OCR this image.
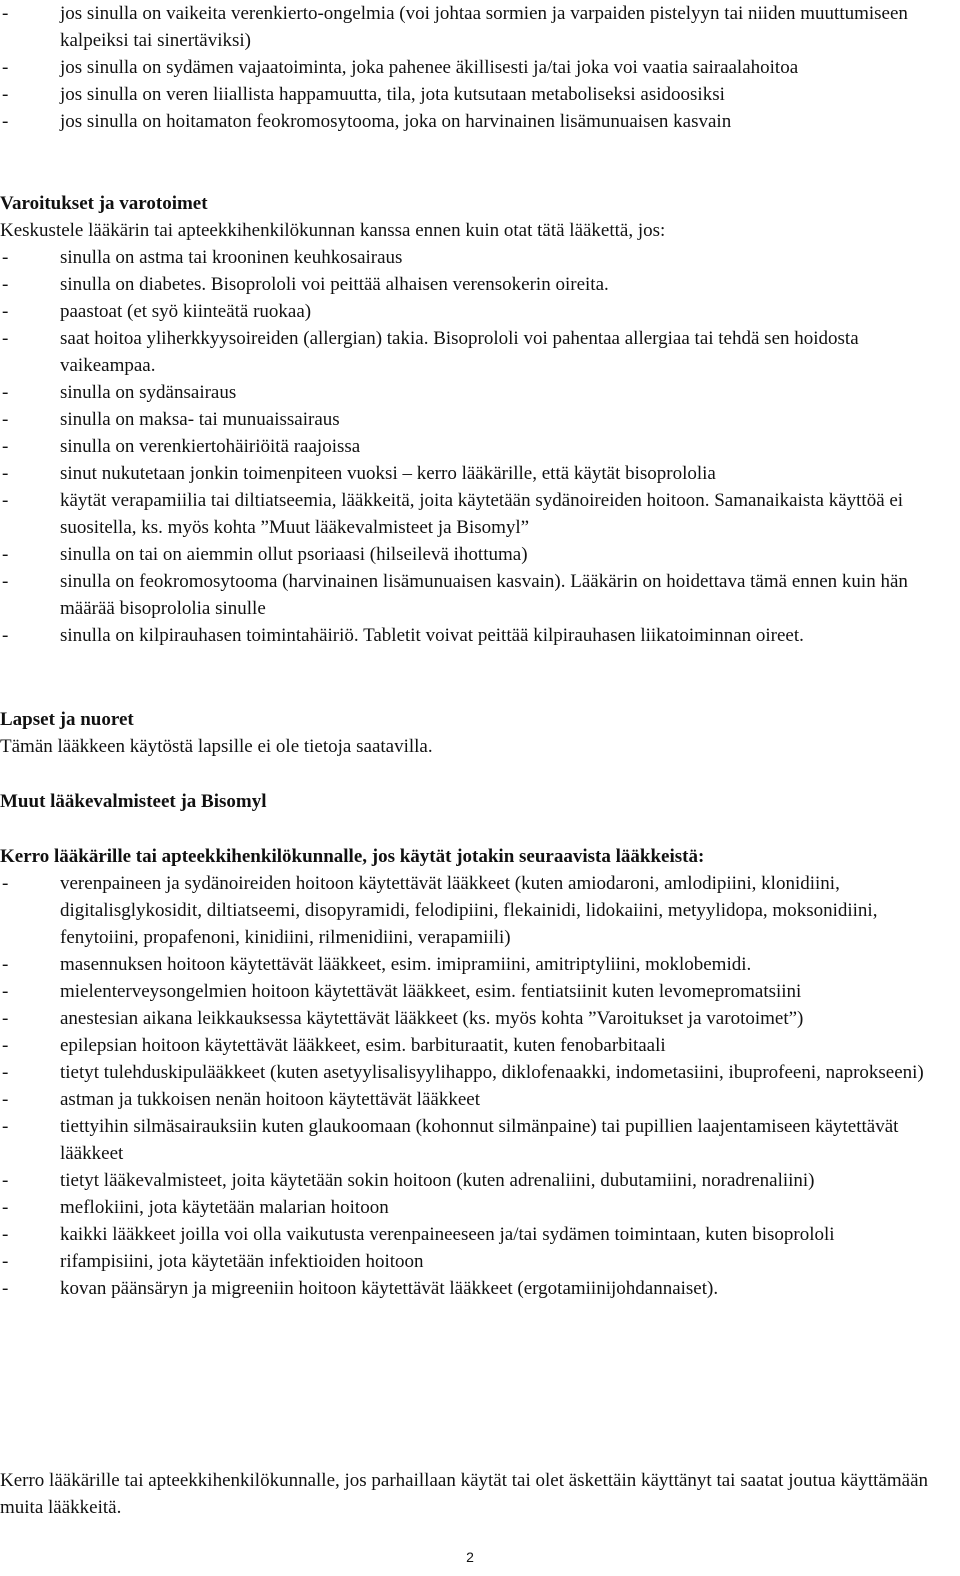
- jos sinulla on vaikeita verenkierto-ongelmia (voi johtaa sormien ja varpaiden pistelyyn tai niiden muuttumiseen kalpeiksi tai sinertäviksi)
- jos sinulla on sydämen vajaatoiminta, joka pahenee äkillisesti ja/tai joka voi vaatia sairaalahoitoa
- jos sinulla on veren liiallista happamuutta, tila, jota kutsutaan metaboliseksi asidoosiksi
- jos sinulla on hoitamaton feokromosytooma, joka on harvinainen lisämunuaisen kasvain
Varoitukset ja varotoimet
Keskustele lääkärin tai apteekkihenkilökunnan kanssa ennen kuin otat tätä lääkettä, jos:
- sinulla on astma tai krooninen keuhkosairaus
- sinulla on diabetes. Bisoprololi voi peittää alhaisen verensokerin oireita.
- paastoat (et syö kiinteätä ruokaa)
- saat hoitoa yliherkkyysoireiden (allergian) takia. Bisoprololi voi pahentaa allergiaa tai tehdä sen hoidosta vaikeampaa.
- sinulla on sydänsairaus
- sinulla on maksa- tai munuaissairaus
- sinulla on verenkiertohäiriöitä raajoissa
- sinut nukutetaan jonkin toimenpiteen vuoksi – kerro lääkärille, että käytät bisoprololia
- käytät verapamiilia tai diltiatseemia, lääkkeitä, joita käytetään sydänoireiden hoitoon. Samanaikaista käyttöä ei suositella, ks. myös kohta ”Muut lääkevalmisteet ja Bisomyl”
- sinulla on tai on aiemmin ollut psoriaasi (hilseilevä ihottuma)
- sinulla on feokromosytooma (harvinainen lisämunuaisen kasvain). Lääkärin on hoidettava tämä ennen kuin hän määrää bisoprololia sinulle
- sinulla on kilpirauhasen toimintahäiriö. Tabletit voivat peittää kilpirauhasen liikatoiminnan oireet.
Lapset ja nuoret
Tämän lääkkeen käytöstä lapsille ei ole tietoja saatavilla.
Muut lääkevalmisteet ja Bisomyl
Kerro lääkärille tai apteekkihenkilökunnalle, jos käytät jotakin seuraavista lääkkeistä:
- verenpaineen ja sydänoireiden hoitoon käytettävät lääkkeet (kuten amiodaroni, amlodipiini, klonidiini, digitalisglykosidit, diltiatseemi, disopyramidi, felodipiini, flekainidi, lidokaiini, metyylidopa, moksonidiini, fenytoiini, propafenoni, kinidiini, rilmenidiini, verapamiili)
- masennuksen hoitoon käytettävät lääkkeet, esim. imipramiini, amitriptyliini, moklobemidi.
- mielenterveysongelmien hoitoon käytettävät lääkkeet, esim. fentiatsiinit kuten levomepromatsiini
- anestesian aikana leikkauksessa käytettävät lääkkeet (ks. myös kohta ”Varoitukset ja varotoimet”)
- epilepsian hoitoon käytettävät lääkkeet, esim. barbituraatit, kuten fenobarbitaali
- tietyt tulehduskipulääkkeet (kuten asetyylisalisyylihappo, diklofenaakki, indometasiini, ibuprofeeni, naprokseeni)
- astman ja tukkoisen nenän hoitoon käytettävät lääkkeet
- tiettyihin silmäsairauksiin kuten glaukoomaan (kohonnut silmänpaine) tai pupillien laajentamiseen käytettävät lääkkeet
- tietyt lääkevalmisteet, joita käytetään sokin hoitoon (kuten adrenaliini, dubutamiini, noradrenaliini)
- meflokiini, jota käytetään malarian hoitoon
- kaikki lääkkeet joilla voi olla vaikutusta verenpaineeseen ja/tai sydämen toimintaan, kuten bisoprololi
- rifampisiini, jota käytetään infektioiden hoitoon
- kovan päänsäryn ja migreeniin hoitoon käytettävät lääkkeet (ergotamiinijohdannaiset).
Kerro lääkärille tai apteekkihenkilökunnalle, jos parhaillaan käytät tai olet äskettäin käyttänyt tai saatat joutua käyttämään muita lääkkeitä.
2
